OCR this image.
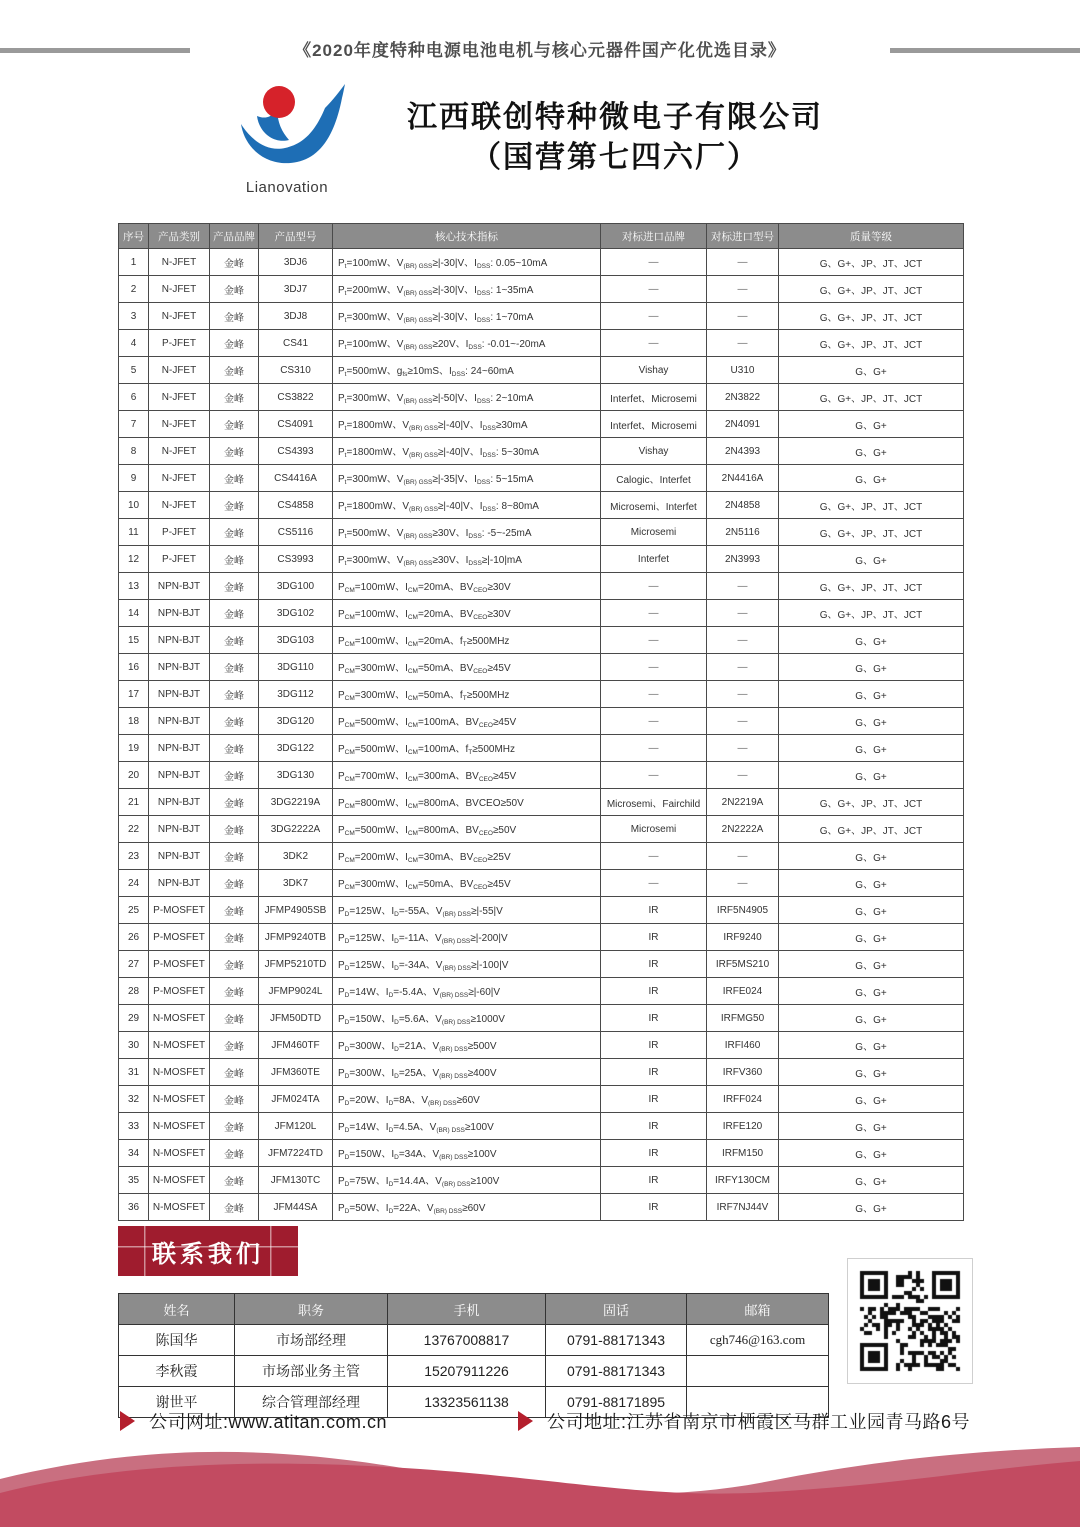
《2020年度特种电源电池电机与核心元器件国产化优选目录》
Lianovation
江西联创特种微电子有限公司
（国营第七四六厂）
序号	产品类别	产品品牌	产品型号	核心技术指标	对标进口品牌	对标进口型号	质量等级
1	N-JFET	金峰	3DJ6	$P_t=100mW$、$V_{(BR) GSS}\ge|-30|V$、$I_{DSS}$: 0.05~10mA	—	—	G、G+、JP、JT、JCT
2	N-JFET	金峰	3DJ7	$P_t=200mW$、$V_{(BR) GSS}\ge|-30|V$、$I_{DSS}$: 1~35mA	—	—	G、G+、JP、JT、JCT
3	N-JFET	金峰	3DJ8	$P_t=300mW$、$V_{(BR) GSS}\ge|-30|V$、$I_{DSS}$: 1~70mA	—	—	G、G+、JP、JT、JCT
4	P-JFET	金峰	CS41	$P_t=100mW$、$V_{(BR) GSS}\ge 20V$、$I_{DSS}$: -0.01~-20mA	—	—	G、G+、JP、JT、JCT
5	N-JFET	金峰	CS310	$P_t=500mW$、$g_{fs}\ge 10mS$、$I_{DSS}$: 24~60mA	Vishay	U310	G、G+
6	N-JFET	金峰	CS3822	$P_t=300mW$、$V_{(BR) GSS}\ge|-50|V$、$I_{DSS}$: 2~10mA	Interfet、Microsemi	2N3822	G、G+、JP、JT、JCT
7	N-JFET	金峰	CS4091	$P_t=1800mW$、$V_{(BR) GSS}\ge|-40|V$、$I_{DSS}\ge 30mA$	Interfet、Microsemi	2N4091	G、G+
8	N-JFET	金峰	CS4393	$P_t=1800mW$、$V_{(BR) GSS}\ge|-40|V$、$I_{DSS}$: 5~30mA	Vishay	2N4393	G、G+
9	N-JFET	金峰	CS4416A	$P_t=300mW$、$V_{(BR) GSS}\ge|-35|V$、$I_{DSS}$: 5~15mA	Calogic、Interfet	2N4416A	G、G+
10	N-JFET	金峰	CS4858	$P_t=1800mW$、$V_{(BR) GSS}\ge|-40|V$、$I_{DSS}$: 8~80mA	Microsemi、Interfet	2N4858	G、G+、JP、JT、JCT
11	P-JFET	金峰	CS5116	$P_t=500mW$、$V_{(BR) GSS}\ge 30V$、$I_{DSS}$: -5~-25mA	Microsemi	2N5116	G、G+、JP、JT、JCT
12	P-JFET	金峰	CS3993	$P_t=300mW$、$V_{(BR) GSS}\ge 30V$、$I_{DSS}\ge|-10|mA$	Interfet	2N3993	G、G+
13	NPN-BJT	金峰	3DG100	$P_{CM}=100mW$、$I_{CM}=20mA$、$BV_{CEO}\ge 30V$	—	—	G、G+、JP、JT、JCT
14	NPN-BJT	金峰	3DG102	$P_{CM}=100mW$、$I_{CM}=20mA$、$BV_{CEO}\ge 30V$	—	—	G、G+、JP、JT、JCT
15	NPN-BJT	金峰	3DG103	$P_{CM}=100mW$、$I_{CM}=20mA$、$f_T\ge 500MHz$	—	—	G、G+
16	NPN-BJT	金峰	3DG110	$P_{CM}=300mW$、$I_{CM}=50mA$、$BV_{CEO}\ge 45V$	—	—	G、G+
17	NPN-BJT	金峰	3DG112	$P_{CM}=300mW$、$I_{CM}=50mA$、$f_T\ge 500MHz$	—	—	G、G+
18	NPN-BJT	金峰	3DG120	$P_{CM}=500mW$、$I_{CM}=100mA$、$BV_{CEO}\ge 45V$	—	—	G、G+
19	NPN-BJT	金峰	3DG122	$P_{CM}=500mW$、$I_{CM}=100mA$、$f_T\ge 500MHz$	—	—	G、G+
20	NPN-BJT	金峰	3DG130	$P_{CM}=700mW$、$I_{CM}=300mA$、$BV_{CEO}\ge 45V$	—	—	G、G+
21	NPN-BJT	金峰	3DG2219A	$P_{CM}=800mW$、$I_{CM}=800mA$、BVCEO≥50V	Microsemi、Fairchild	2N2219A	G、G+、JP、JT、JCT
22	NPN-BJT	金峰	3DG2222A	$P_{CM}=500mW$、$I_{CM}=800mA$、$BV_{CEO}\ge 50V$	Microsemi	2N2222A	G、G+、JP、JT、JCT
23	NPN-BJT	金峰	3DK2	$P_{CM}=200mW$、$I_{CM}=30mA$、$BV_{CEO}\ge 25V$	—	—	G、G+
24	NPN-BJT	金峰	3DK7	$P_{CM}=300mW$、$I_{CM}=50mA$、$BV_{CEO}\ge 45V$	—	—	G、G+
25	P-MOSFET	金峰	JFMP4905SB	$P_D=125W$、$I_D=-55A$、$V_{(BR) DSS}\ge|-55|V$	IR	IRF5N4905	G、G+
26	P-MOSFET	金峰	JFMP9240TB	$P_D=125W$、$I_D=-11A$、$V_{(BR) DSS}\ge|-200|V$	IR	IRF9240	G、G+
27	P-MOSFET	金峰	JFMP5210TD	$P_D=125W$、$I_D=-34A$、$V_{(BR) DSS}\ge|-100|V$	IR	IRF5MS210	G、G+
28	P-MOSFET	金峰	JFMP9024L	$P_D=14W$、$I_D=-5.4A$、$V_{(BR) DSS}\ge|-60|V$	IR	IRFE024	G、G+
29	N-MOSFET	金峰	JFM50DTD	$P_D=150W$、$I_D=5.6A$、$V_{(BR) DSS}\ge 1000V$	IR	IRFMG50	G、G+
30	N-MOSFET	金峰	JFM460TF	$P_D=300W$、$I_D=21A$、$V_{(BR) DSS}\ge 500V$	IR	IRFI460	G、G+
31	N-MOSFET	金峰	JFM360TE	$P_D=300W$、$I_D=25A$、$V_{(BR) DSS}\ge 400V$	IR	IRFV360	G、G+
32	N-MOSFET	金峰	JFM024TA	$P_D=20W$、$I_D=8A$、$V_{(BR) DSS}\ge 60V$	IR	IRFF024	G、G+
33	N-MOSFET	金峰	JFM120L	$P_D=14W$、$I_D=4.5A$、$V_{(BR) DSS}\ge 100V$	IR	IRFE120	G、G+
34	N-MOSFET	金峰	JFM7224TD	$P_D=150W$、$I_D=34A$、$V_{(BR) DSS}\ge 100V$	IR	IRFM150	G、G+
35	N-MOSFET	金峰	JFM130TC	$P_D=75W$、$I_D=14.4A$、$V_{(BR) DSS}\ge 100V$	IR	IRFY130CM	G、G+
36	N-MOSFET	金峰	JFM44SA	$P_D=50W$、$I_D=22A$、$V_{(BR) DSS}\ge 60V$	IR	IRF7NJ44V	G、G+
联系我们
姓名	职务	手机	固话	邮箱
陈国华	市场部经理	13767008817	0791-88171343	cgh746@163.com
李秋霞	市场部业务主管	15207911226	0791-88171343	
谢世平	综合管理部经理	13323561138	0791-88171895	
公司网址:www.atitan.com.cn	公司地址:江苏省南京市栖霞区马群工业园青马路6号
